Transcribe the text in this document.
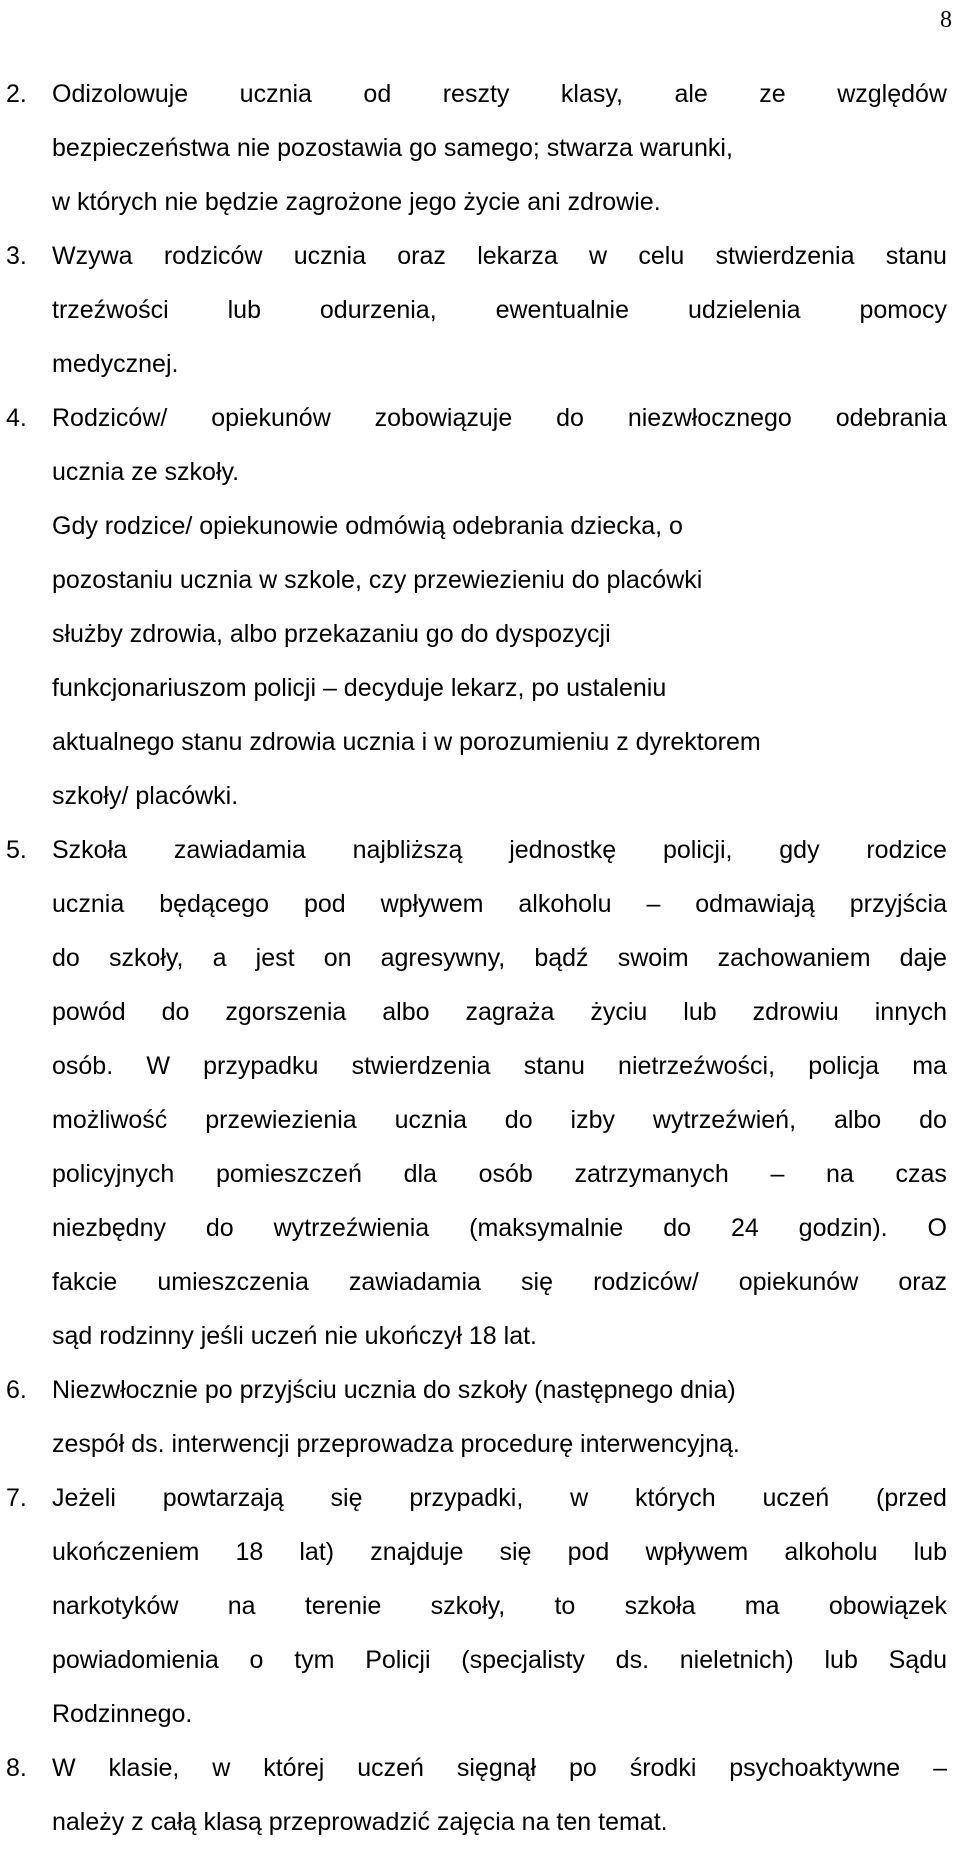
8
2. Odizolowuje ucznia od reszty klasy, ale ze względów
bezpieczeństwa nie pozostawia go samego; stwarza warunki,
w których nie będzie zagrożone jego życie ani zdrowie.
3. Wzywa rodziców ucznia oraz lekarza w celu stwierdzenia stanu
trzeźwości lub odurzenia, ewentualnie udzielenia pomocy
medycznej.
4. Rodziców/ opiekunów zobowiązuje do niezwłocznego odebrania
ucznia ze szkoły.
Gdy rodzice/ opiekunowie odmówią odebrania dziecka, o
pozostaniu ucznia w szkole, czy przewiezieniu do placówki
służby zdrowia, albo przekazaniu go do dyspozycji
funkcjonariuszom policji – decyduje lekarz, po ustaleniu
aktualnego stanu zdrowia ucznia i w porozumieniu z dyrektorem
szkoły/ placówki.
5. Szkoła zawiadamia najbliższą jednostkę policji, gdy rodzice
ucznia będącego pod wpływem alkoholu – odmawiają przyjścia
do szkoły, a jest on agresywny, bądź swoim zachowaniem daje
powód do zgorszenia albo zagraża życiu lub zdrowiu innych
osób. W przypadku stwierdzenia stanu nietrzeźwości, policja ma
możliwość przewiezienia ucznia do izby wytrzeźwień, albo do
policyjnych pomieszczeń dla osób zatrzymanych – na czas
niezbędny do wytrzeźwienia (maksymalnie do 24 godzin). O
fakcie umieszczenia zawiadamia się rodziców/ opiekunów oraz
sąd rodzinny jeśli uczeń nie ukończył 18 lat.
6. Niezwłocznie po przyjściu ucznia do szkoły (następnego dnia)
zespół ds. interwencji przeprowadza procedurę interwencyjną.
7. Jeżeli powtarzają się przypadki, w których uczeń (przed
ukończeniem 18 lat) znajduje się pod wpływem alkoholu lub
narkotyków na terenie szkoły, to szkoła ma obowiązek
powiadomienia o tym Policji (specjalisty ds. nieletnich) lub Sądu
Rodzinnego.
8. W klasie, w której uczeń sięgnął po środki psychoaktywne –
należy z całą klasą przeprowadzić zajęcia na ten temat.
